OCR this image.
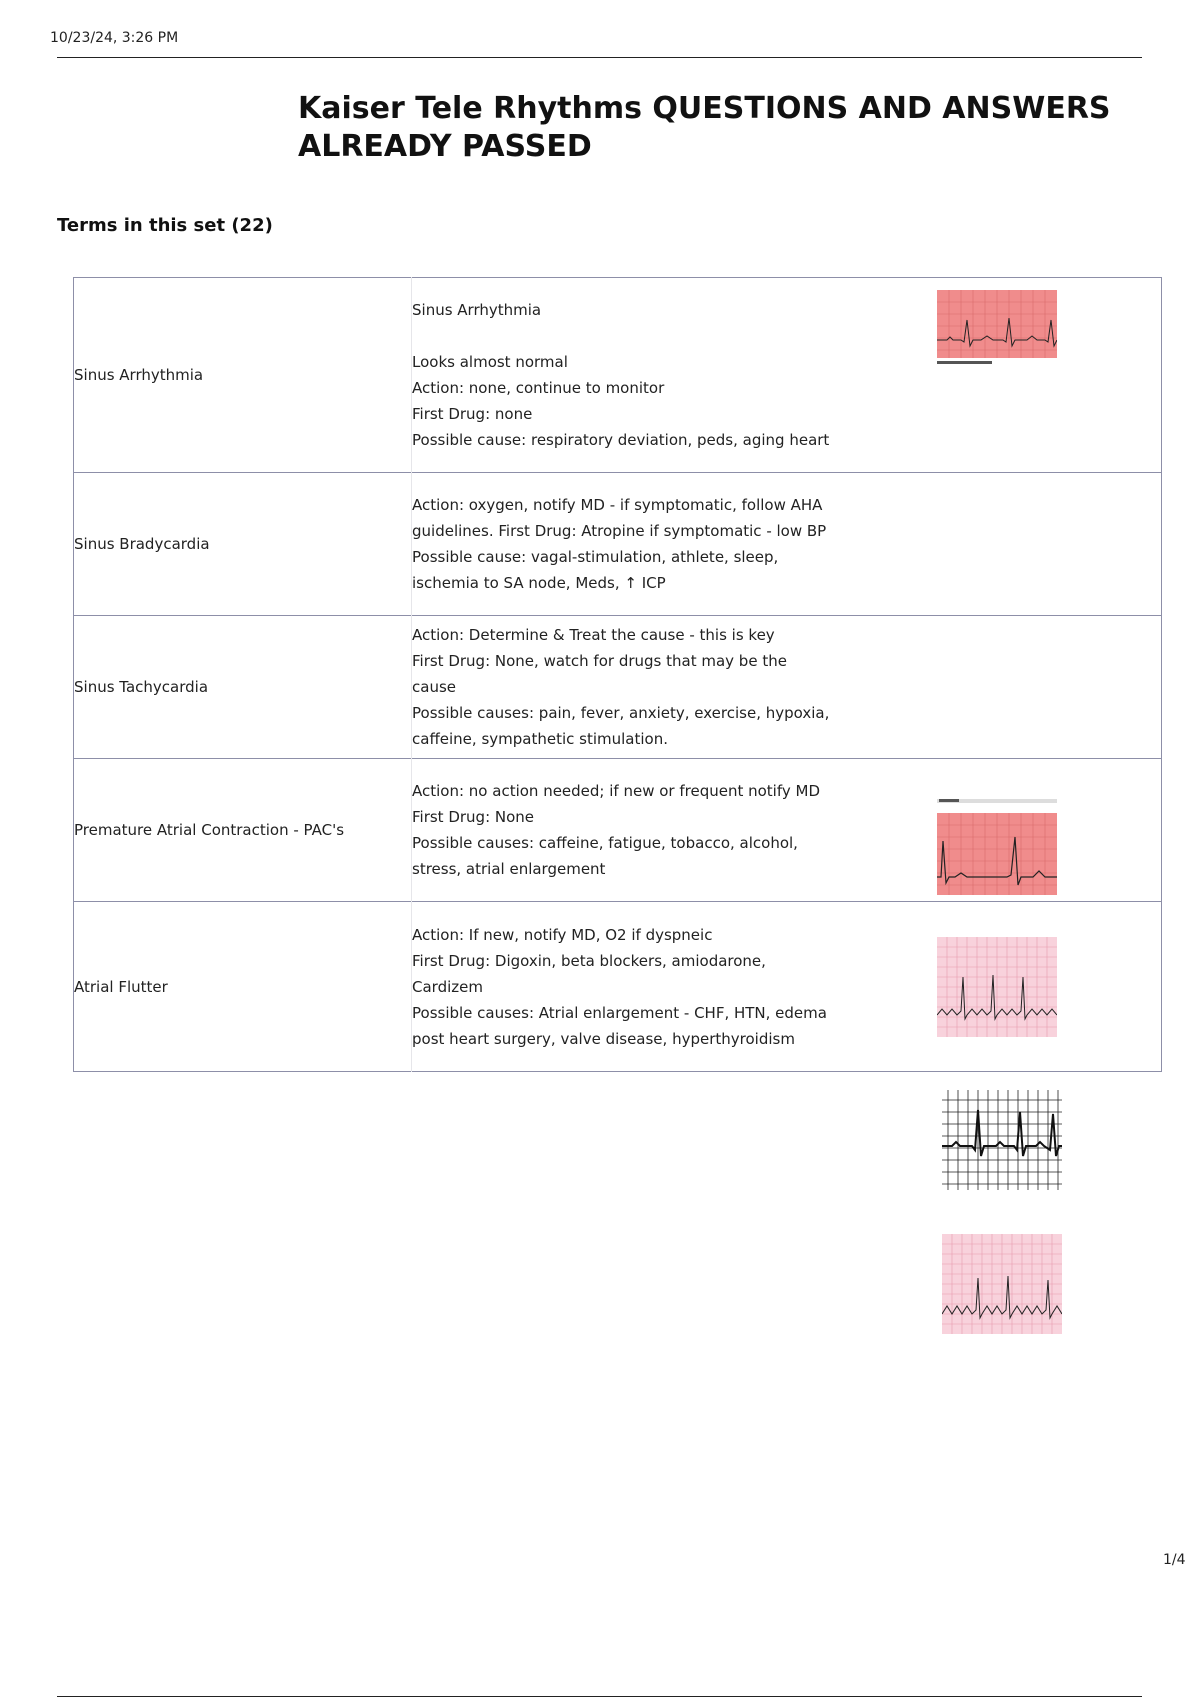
10/23/24, 3:26 PM
Kaiser Tele Rhythms QUESTIONS AND ANSWERS ALREADY PASSED
Terms in this set (22)
Sinus Arrhythmia	Sinus Arrhythmia

Looks almost normal
Action: none, continue to monitor
First Drug: none
Possible cause: respiratory deviation, peds, aging heart

Sinus Bradycardia	Action: oxygen, notify MD - if symptomatic, follow AHA guidelines. First Drug: Atropine if symptomatic - low BP
Possible cause: vagal-stimulation, athlete, sleep, ischemia to SA node, Meds, ↑ ICP	

Sinus Tachycardia	Action: Determine & Treat the cause - this is key
First Drug: None, watch for drugs that may be the cause
Possible causes: pain, fever, anxiety, exercise, hypoxia, caffeine, sympathetic stimulation.	

Premature Atrial Contraction - PAC's	Action: no action needed; if new or frequent notify MD
First Drug: None
Possible causes: caffeine, fatigue, tobacco, alcohol, stress, atrial enlargement

Atrial Flutter	Action: If new, notify MD, O2 if dyspneic
First Drug: Digoxin, beta blockers, amiodarone, Cardizem
Possible causes: Atrial enlargement - CHF, HTN, edema post heart surgery, valve disease, hyperthyroidism

1/4
